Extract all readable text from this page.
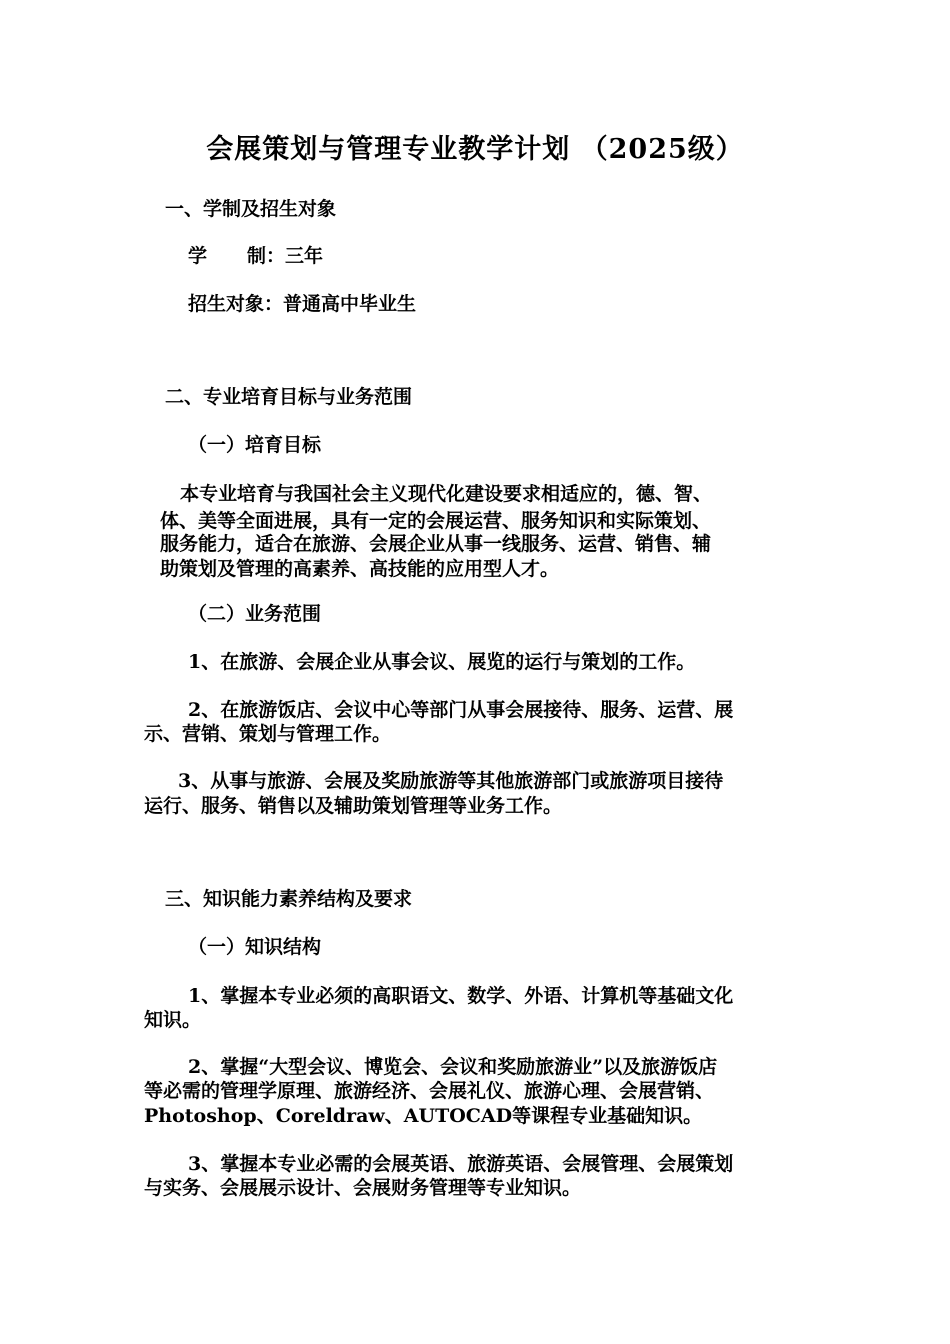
会展策划与管理专业教学计划 （2025级）
一、学制及招生对象
学 制：三年
招生对象：普通高中毕业生
二、专业培育目标与业务范围
（一）培育目标
本专业培育与我国社会主义现代化建设要求相适应的，德、智、
体、美等全面进展，具有一定的会展运营、服务知识和实际策划、
服务能力，适合在旅游、会展企业从事一线服务、运营、销售、辅
助策划及管理的高素养、高技能的应用型人才。
（二）业务范围
1、在旅游、会展企业从事会议、展览的运行与策划的工作。
2、在旅游饭店、会议中心等部门从事会展接待、服务、运营、展
示、营销、策划与管理工作。
3、从事与旅游、会展及奖励旅游等其他旅游部门或旅游项目接待
运行、服务、销售以及辅助策划管理等业务工作。
三、知识能力素养结构及要求
（一）知识结构
1、掌握本专业必须的高职语文、数学、外语、计算机等基础文化
知识。
2、掌握“大型会议、博览会、会议和奖励旅游业”以及旅游饭店
等必需的管理学原理、旅游经济、会展礼仪、旅游心理、会展营销、
Photoshop、Coreldraw、AUTOCAD等课程专业基础知识。
3、掌握本专业必需的会展英语、旅游英语、会展管理、会展策划
与实务、会展展示设计、会展财务管理等专业知识。
